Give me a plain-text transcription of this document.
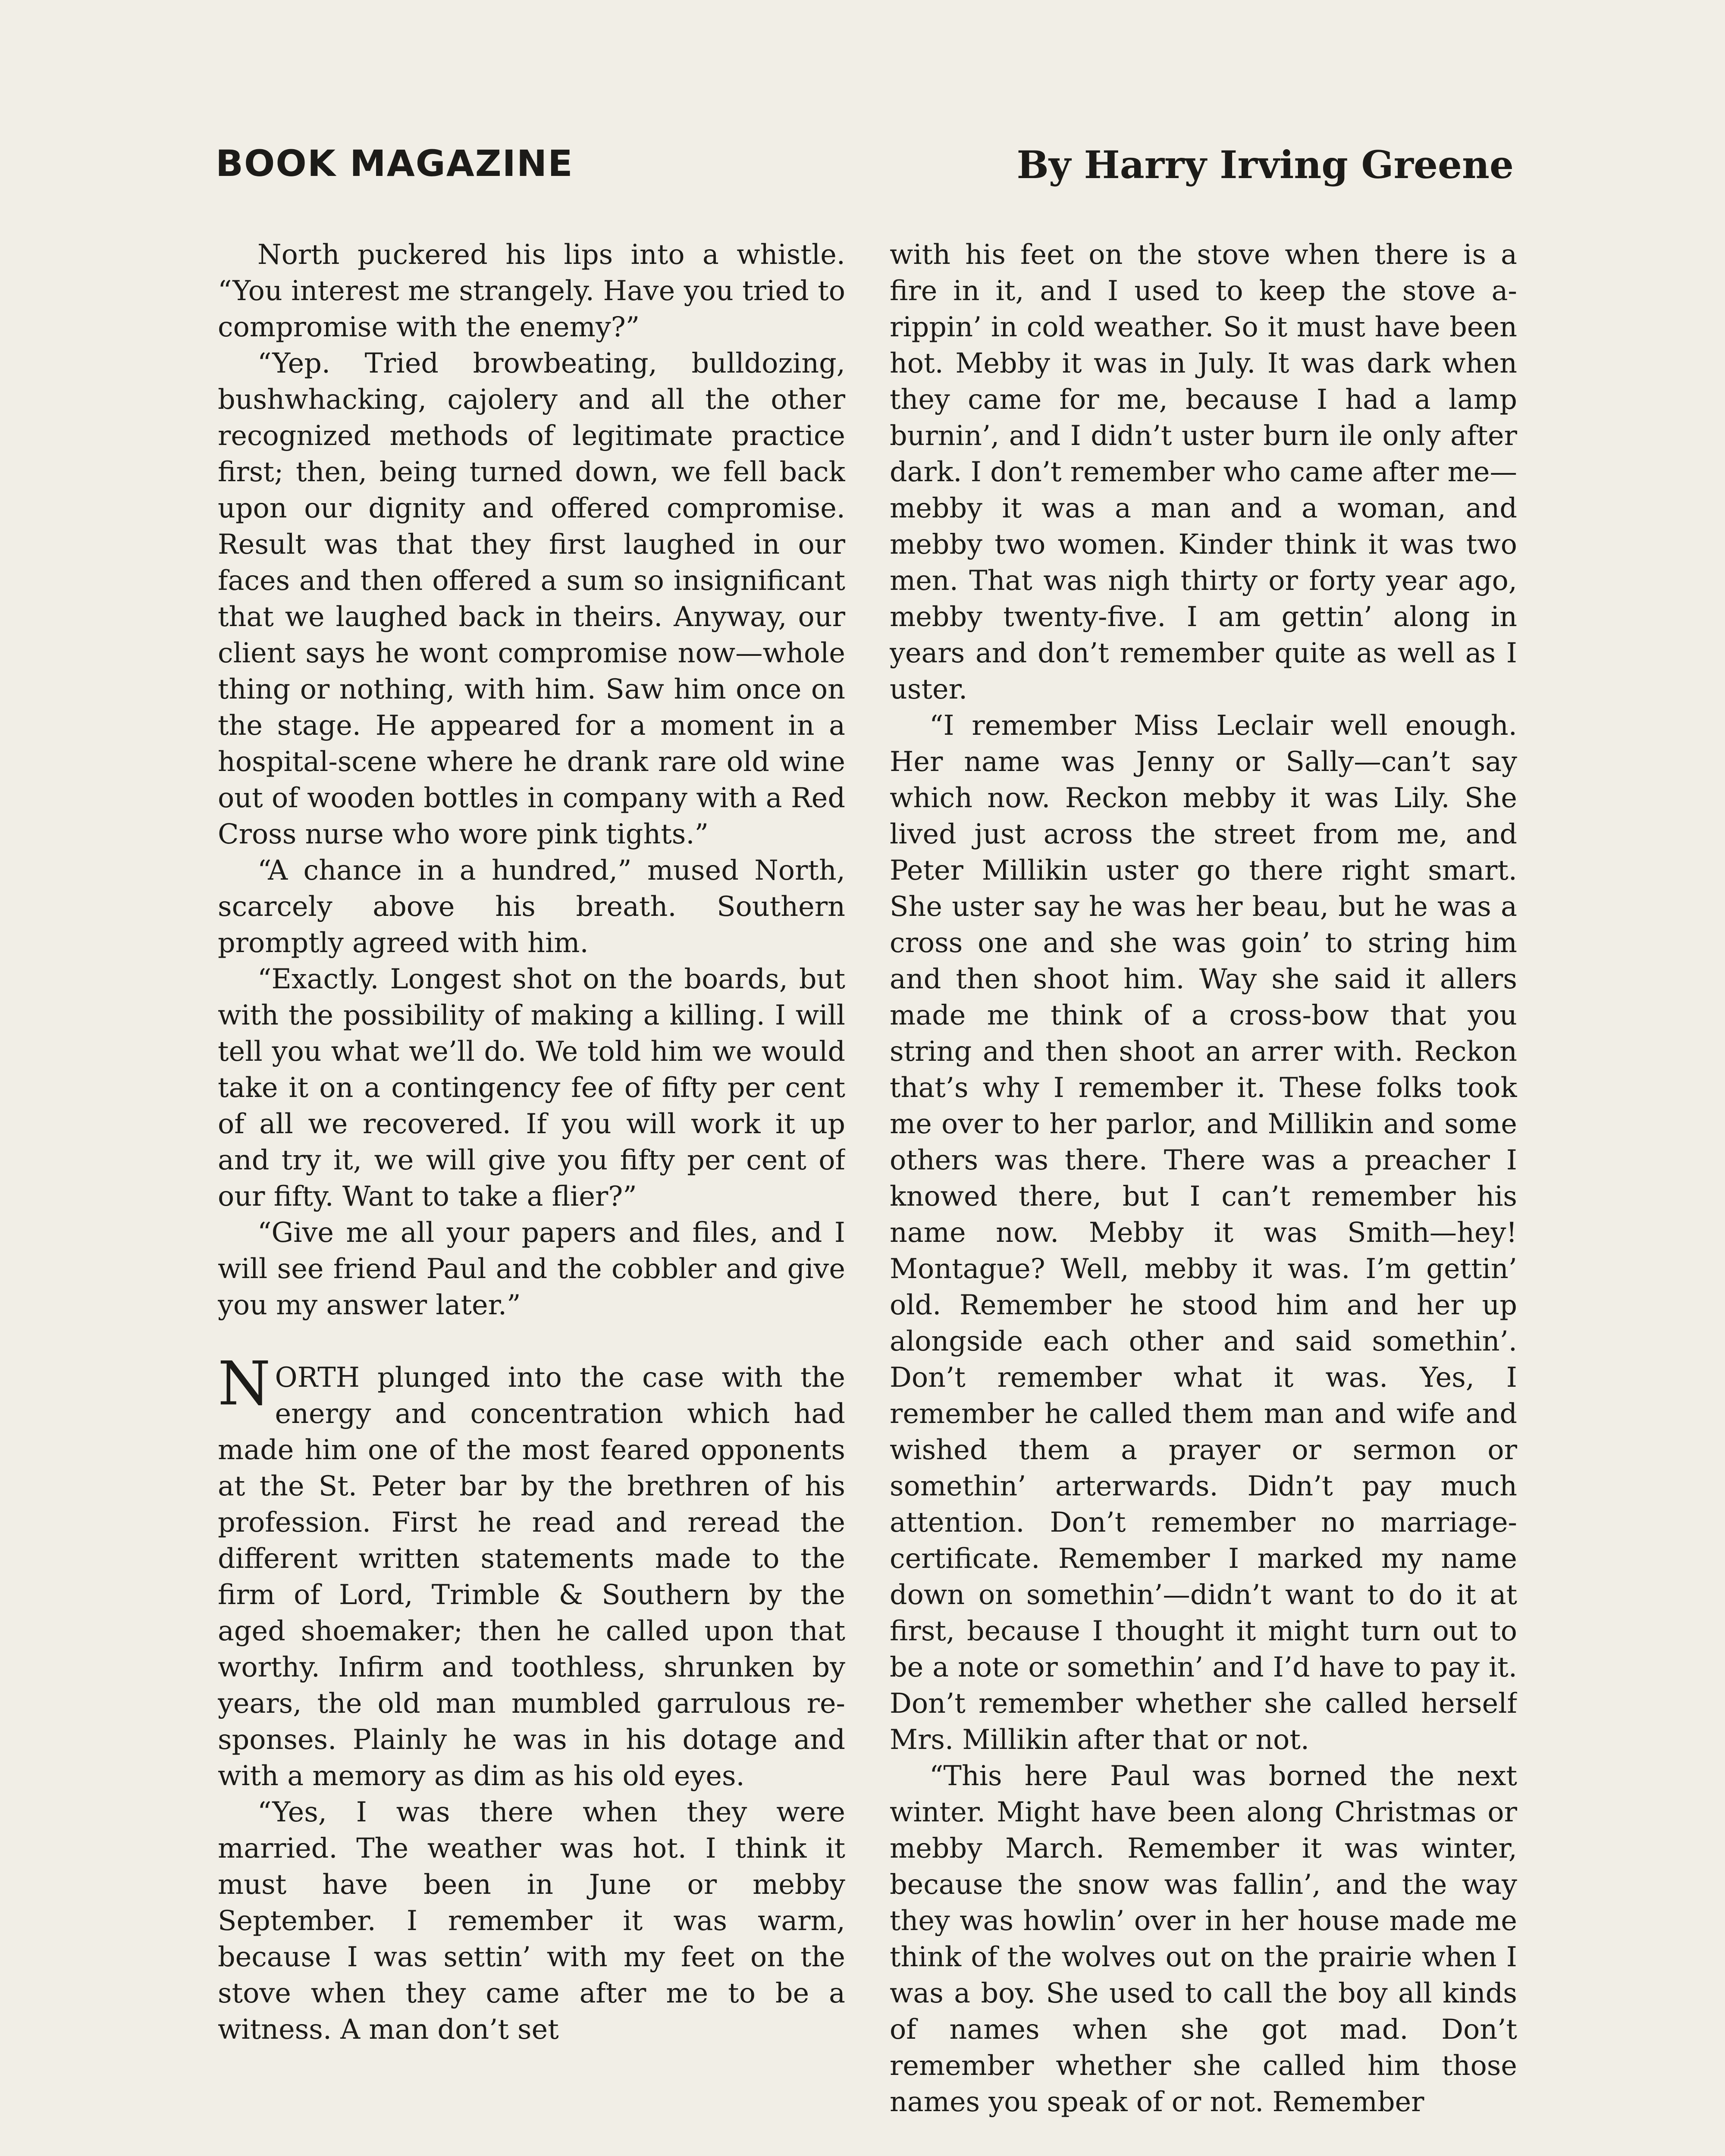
BOOK MAGAZINE	By Harry Irving Greene

North puckered his lips into a whistle. “You interest me strangely. Have you tried to compromise with the enemy?”

“Yep. Tried browbeating, bulldozing, bushwhacking, cajolery and all the other recognized methods of legitimate practice first; then, being turned down, we fell back upon our dignity and offered compromise. Result was that they first laughed in our faces and then offered a sum so insignificant that we laughed back in theirs. Anyway, our client says he wont compromise now—whole thing or nothing, with him. Saw him once on the stage. He appeared for a moment in a hospital-scene where he drank rare old wine out of wooden bottles in company with a Red Cross nurse who wore pink tights.”

“A chance in a hundred,” mused North, scarcely above his breath. Southern promptly agreed with him.

“Exactly. Longest shot on the boards, but with the possibility of making a killing. I will tell you what we’ll do. We told him we would take it on a contingency fee of fifty per cent of all we recovered. If you will work it up and try it, we will give you fifty per cent of our fifty. Want to take a flier?”

“Give me all your papers and files, and I will see friend Paul and the cobbler and give you my answer later.”

NORTH plunged into the case with the energy and concentration which had made him one of the most feared opponents at the St. Peter bar by the brethren of his profession. First he read and reread the different written statements made to the firm of Lord, Trimble & Southern by the aged shoemaker; then he called upon that worthy. Infirm and toothless, shrunken by years, the old man mumbled garrulous responses. Plainly he was in his dotage and with a memory as dim as his old eyes.

“Yes, I was there when they were married. The weather was hot. I think it must have been in June or mebby September. I remember it was warm, because I was settin’ with my feet on the stove when they came after me to be a witness. A man don’t set

with his feet on the stove when there is a fire in it, and I used to keep the stove a-rippin’ in cold weather. So it must have been hot. Mebby it was in July. It was dark when they came for me, because I had a lamp burnin’, and I didn’t uster burn ile only after dark. I don’t remember who came after me—mebby it was a man and a woman, and mebby two women. Kinder think it was two men. That was nigh thirty or forty year ago, mebby twenty-five. I am gettin’ along in years and don’t remember quite as well as I uster.

“I remember Miss Leclair well enough. Her name was Jenny or Sally—can’t say which now. Reckon mebby it was Lily. She lived just across the street from me, and Peter Millikin uster go there right smart. She uster say he was her beau, but he was a cross one and she was goin’ to string him and then shoot him. Way she said it allers made me think of a cross-bow that you string and then shoot an arrer with. Reckon that’s why I remember it. These folks took me over to her parlor, and Millikin and some others was there. There was a preacher I knowed there, but I can’t remember his name now. Mebby it was Smith—hey! Montague? Well, mebby it was. I’m gettin’ old. Remember he stood him and her up alongside each other and said somethin’. Don’t remember what it was. Yes, I remember he called them man and wife and wished them a prayer or sermon or somethin’ arterwards. Didn’t pay much attention. Don’t remember no marriage-certificate. Remember I marked my name down on somethin’—didn’t want to do it at first, because I thought it might turn out to be a note or somethin’ and I’d have to pay it. Don’t remember whether she called herself Mrs. Millikin after that or not.

“This here Paul was borned the next winter. Might have been along Christmas or mebby March. Remember it was winter, because the snow was fallin’, and the way they was howlin’ over in her house made me think of the wolves out on the prairie when I was a boy. She used to call the boy all kinds of names when she got mad. Don’t remember whether she called him those names you speak of or not. Remember
